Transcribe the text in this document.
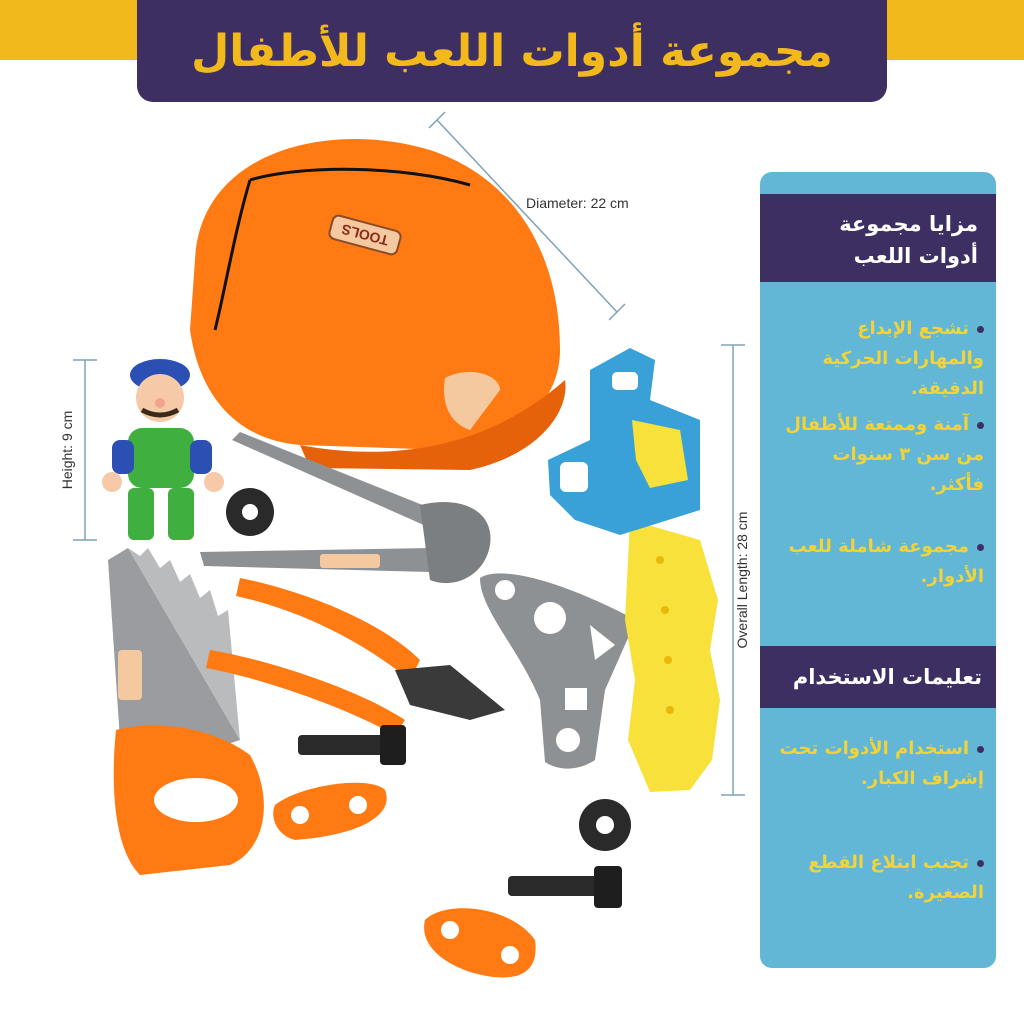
مجموعة أدوات اللعب للأطفال
TOOLS
Diameter: 22 cm
Height: 9 cm
Overall Length: 28 cm
مزايا مجموعة أدوات اللعب
تشجع الإبداع والمهارات الحركية الدقيقة.
آمنة وممتعة للأطفال من سن ٣ سنوات فأكثر.
مجموعة شاملة للعب الأدوار.
تعليمات الاستخدام
استخدام الأدوات تحت إشراف الكبار.
تجنب ابتلاع القطع الصغيرة.
